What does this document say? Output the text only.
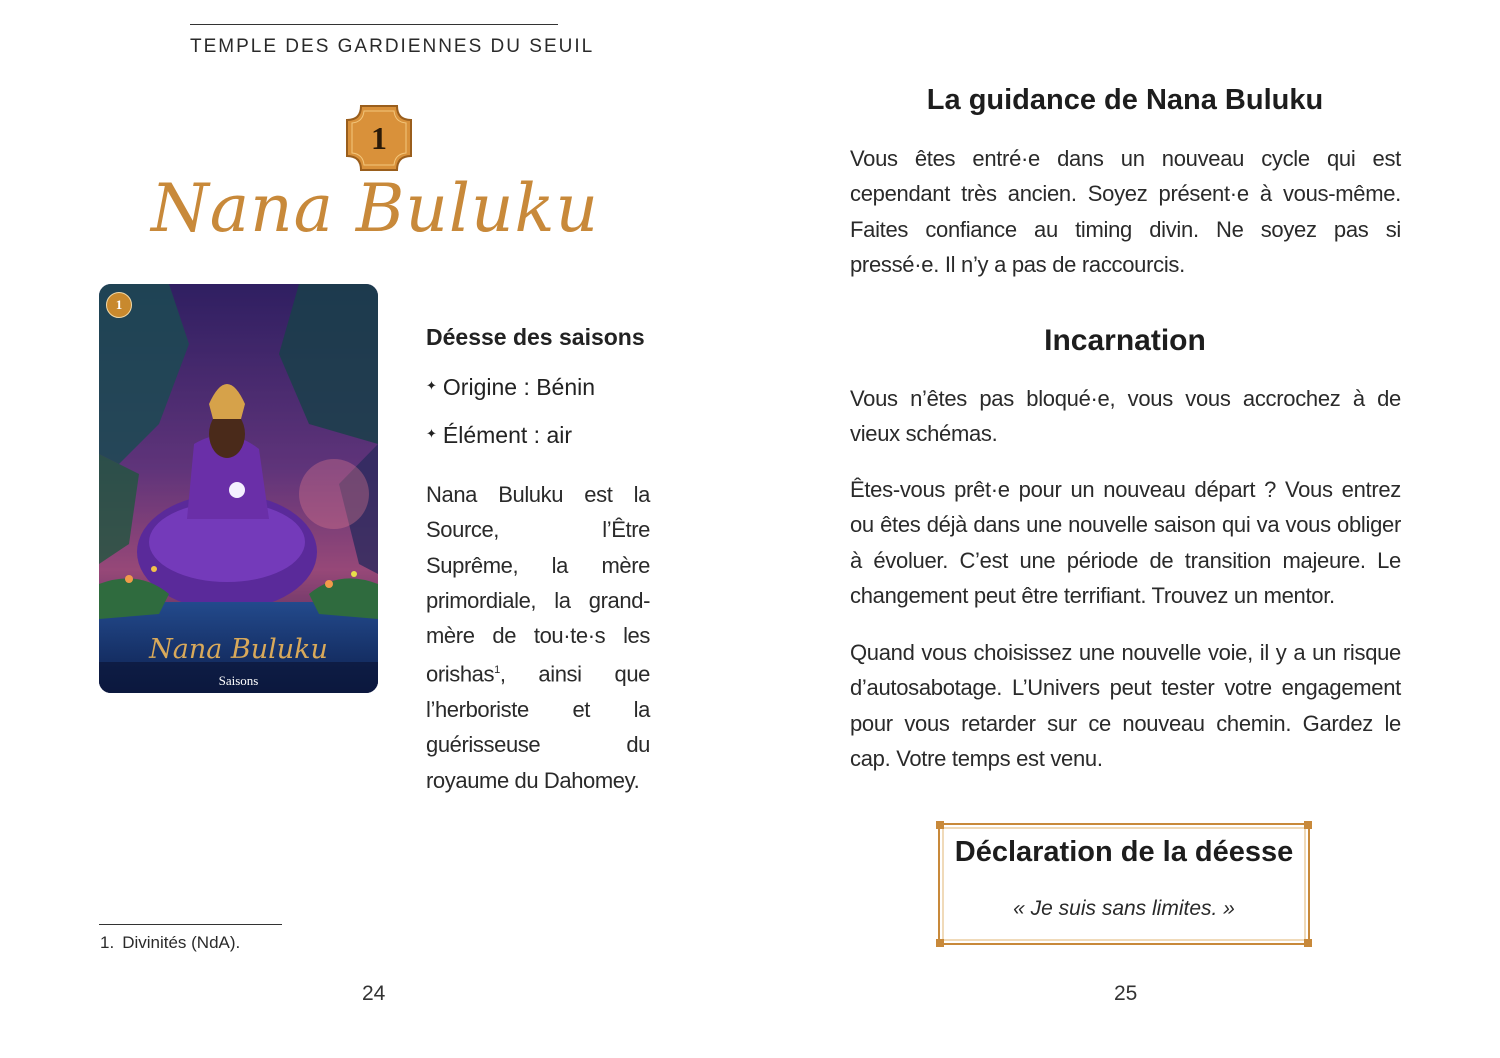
TEMPLE DES GARDIENNES DU SEUIL
1
Nana Buluku
1
Nana Buluku
Saisons
Déesse des saisons
✦ Origine : Bénin
✦ Élément : air
Nana Buluku est la Source, l’Être Suprême, la mère primordiale, la grand-mère de tou·te·s les orishas$^1$, ainsi que l’herboriste et la guérisseuse du royaume du Dahomey.
1. Divinités (NdA).
24
La guidance de Nana Buluku
Vous êtes entré·e dans un nouveau cycle qui est cependant très ancien. Soyez présent·e à vous-même. Faites confiance au timing divin. Ne soyez pas si pressé·e. Il n’y a pas de raccourcis.
Incarnation
Vous n’êtes pas bloqué·e, vous vous accrochez à de vieux schémas.
Êtes-vous prêt·e pour un nouveau départ ? Vous entrez ou êtes déjà dans une nouvelle saison qui va vous obliger à évoluer. C’est une période de transition majeure. Le changement peut être terrifiant. Trouvez un mentor.
Quand vous choisissez une nouvelle voie, il y a un risque d’autosabotage. L’Univers peut tester votre engagement pour vous retarder sur ce nouveau chemin. Gardez le cap. Votre temps est venu.
Déclaration de la déesse
« Je suis sans limites. »
25
